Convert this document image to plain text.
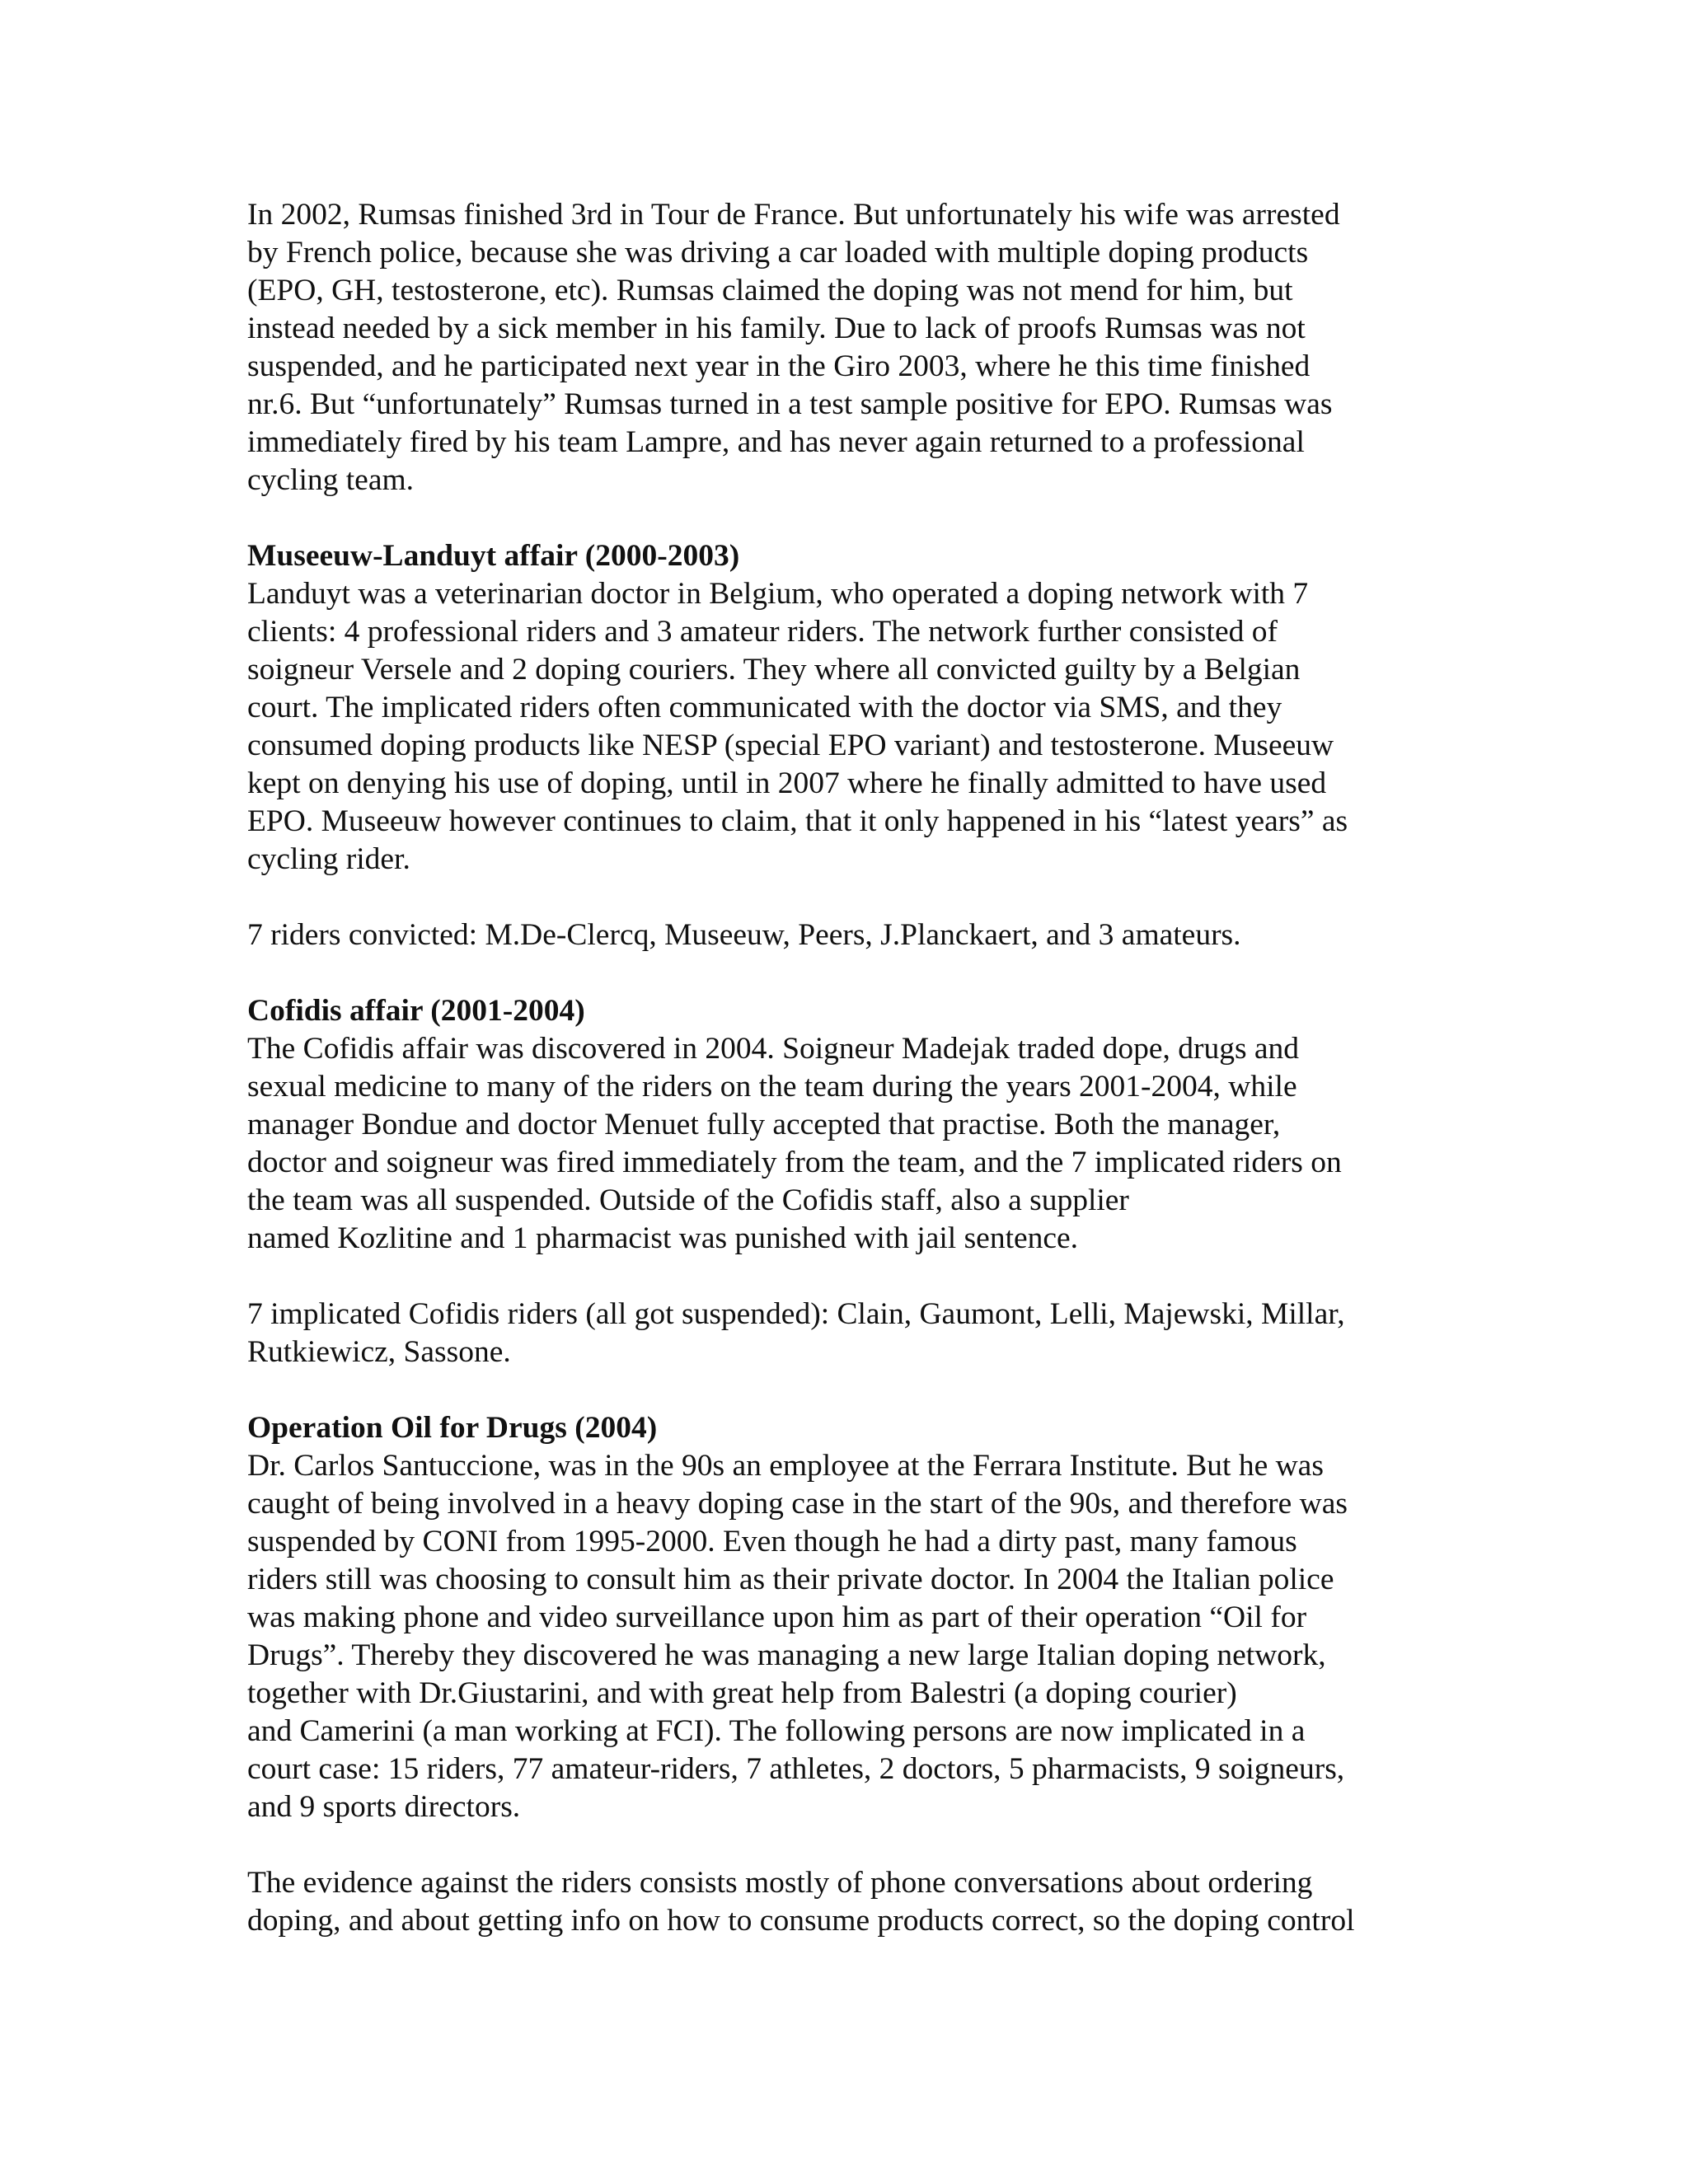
In 2002, Rumsas finished 3rd in Tour de France. But unfortunately his wife was arrested
by French police, because she was driving a car loaded with multiple doping products
(EPO, GH, testosterone, etc). Rumsas claimed the doping was not mend for him, but
instead needed by a sick member in his family. Due to lack of proofs Rumsas was not
suspended, and he participated next year in the Giro 2003, where he this time finished
nr.6. But “unfortunately” Rumsas turned in a test sample positive for EPO. Rumsas was
immediately fired by his team Lampre, and has never again returned to a professional
cycling team.

Museeuw-Landuyt affair (2000-2003)

Landuyt was a veterinarian doctor in Belgium, who operated a doping network with 7
clients: 4 professional riders and 3 amateur riders. The network further consisted of
soigneur Versele and 2 doping couriers. They where all convicted guilty by a Belgian
court. The implicated riders often communicated with the doctor via SMS, and they
consumed doping products like NESP (special EPO variant) and testosterone. Museeuw
kept on denying his use of doping, until in 2007 where he finally admitted to have used
EPO. Museeuw however continues to claim, that it only happened in his “latest years” as
cycling rider.

7 riders convicted: M.De-Clercq, Museeuw, Peers, J.Planckaert, and 3 amateurs.

Cofidis affair (2001-2004)

The Cofidis affair was discovered in 2004. Soigneur Madejak traded dope, drugs and
sexual medicine to many of the riders on the team during the years 2001-2004, while
manager Bondue and doctor Menuet fully accepted that practise. Both the manager,
doctor and soigneur was fired immediately from the team, and the 7 implicated riders on
the team was all suspended. Outside of the Cofidis staff, also a supplier
named Kozlitine and 1 pharmacist was punished with jail sentence.

7 implicated Cofidis riders (all got suspended): Clain, Gaumont, Lelli, Majewski, Millar,
Rutkiewicz, Sassone.

Operation Oil for Drugs (2004)

Dr. Carlos Santuccione, was in the 90s an employee at the Ferrara Institute. But he was
caught of being involved in a heavy doping case in the start of the 90s, and therefore was
suspended by CONI from 1995-2000. Even though he had a dirty past, many famous
riders still was choosing to consult him as their private doctor. In 2004 the Italian police
was making phone and video surveillance upon him as part of their operation “Oil for
Drugs”. Thereby they discovered he was managing a new large Italian doping network,
together with Dr.Giustarini, and with great help from Balestri (a doping courier)
and Camerini (a man working at FCI). The following persons are now implicated in a
court case: 15 riders, 77 amateur-riders, 7 athletes, 2 doctors, 5 pharmacists, 9 soigneurs,
and 9 sports directors.

The evidence against the riders consists mostly of phone conversations about ordering
doping, and about getting info on how to consume products correct, so the doping control
